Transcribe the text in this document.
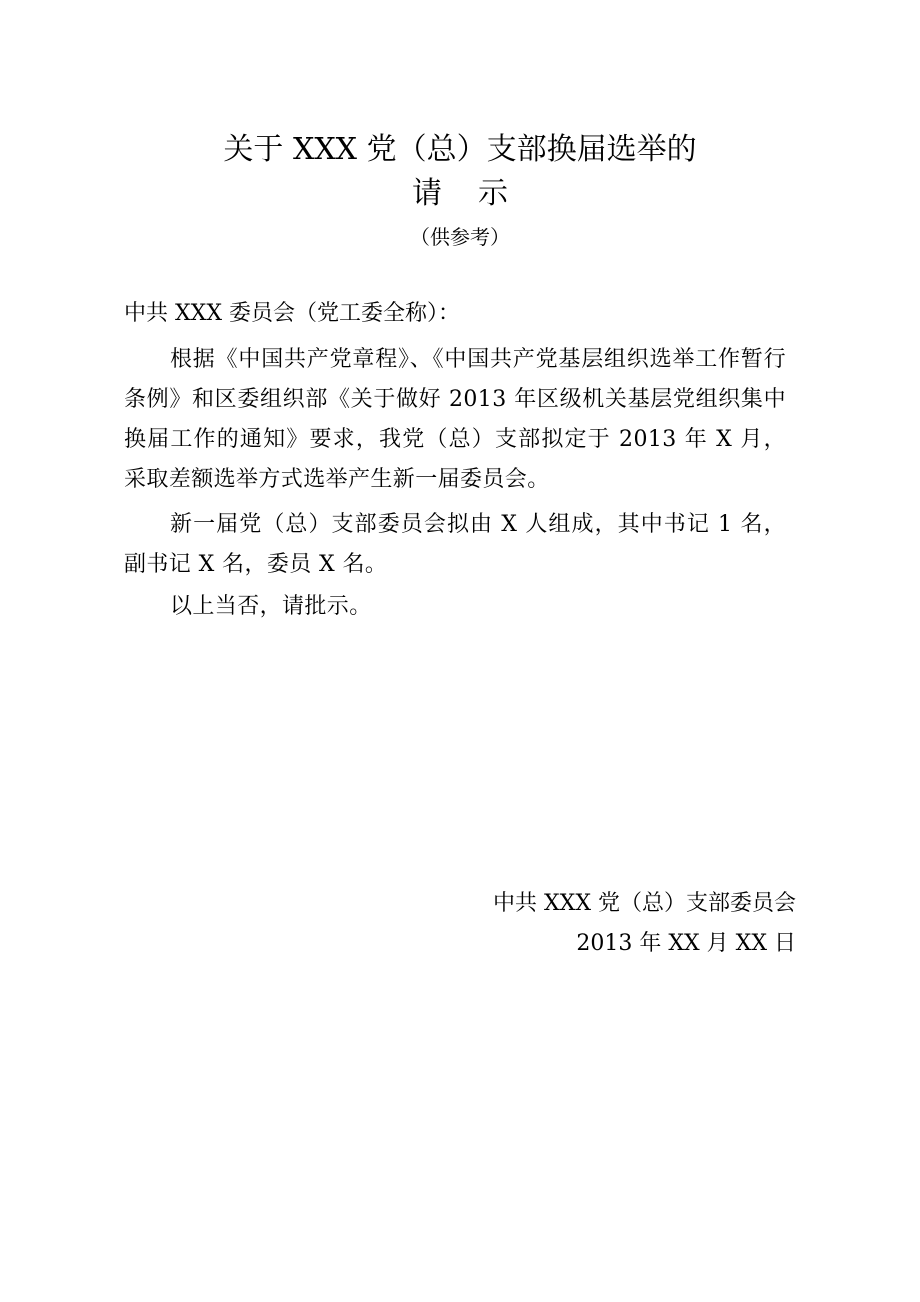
关于 XXX 党（总）支部换届选举的
请示
（供参考）
中共 XXX 委员会（党工委全称）：
根据《中国共产党章程》、《中国共产党基层组织选举工作暂行条例》和区委组织部《关于做好 2013 年区级机关基层党组织集中换届工作的通知》要求，我党（总）支部拟定于 2013 年 X 月，采取差额选举方式选举产生新一届委员会。
新一届党（总）支部委员会拟由 X 人组成，其中书记 1 名，副书记 X 名，委员 X 名。
以上当否，请批示。
中共 XXX 党（总）支部委员会
2013 年 XX 月 XX 日
